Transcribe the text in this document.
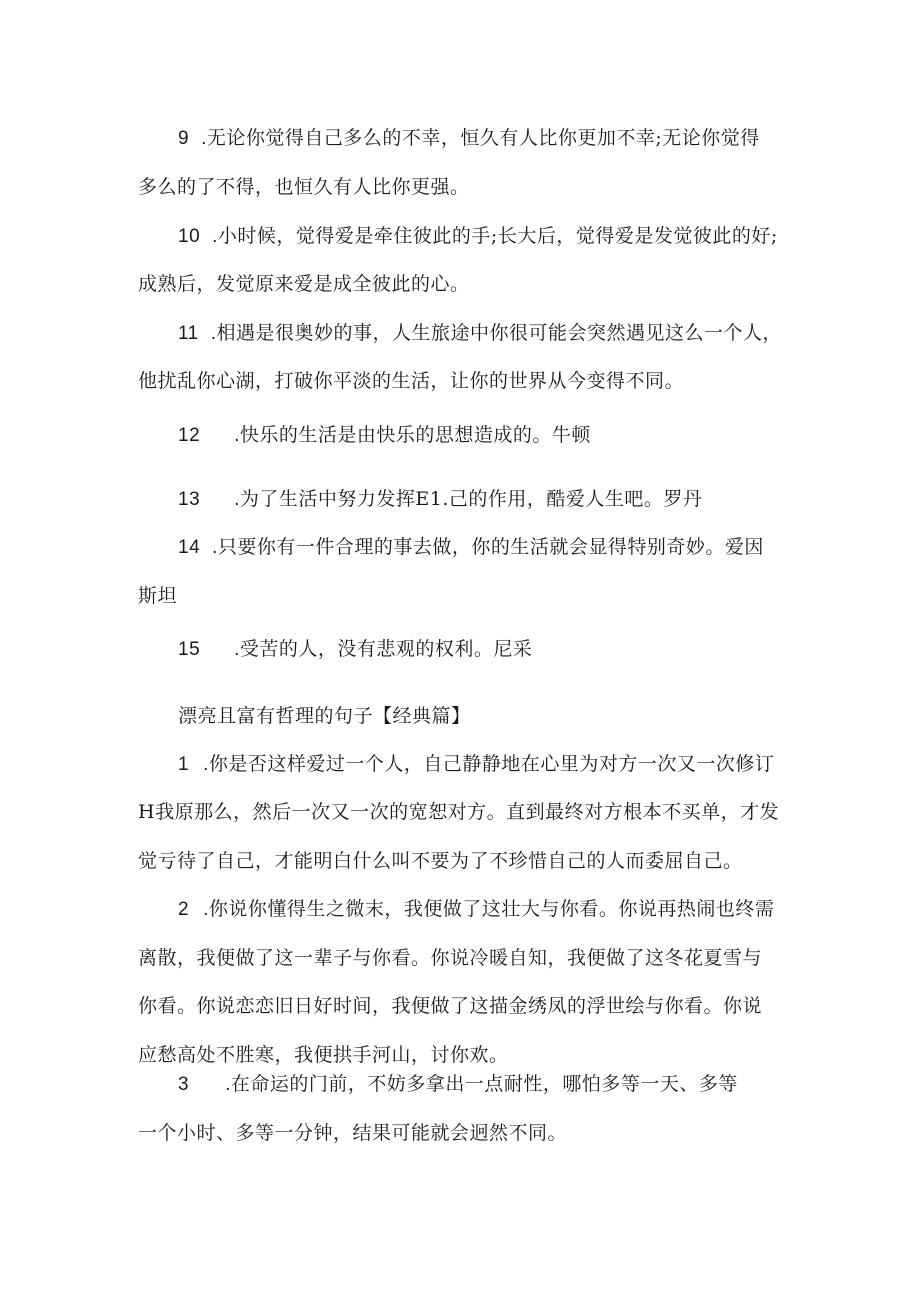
9 .无论你觉得自己多么的不幸，恒久有人比你更加不幸;无论你觉得
多么的了不得，也恒久有人比你更强。
10 .小时候，觉得爱是牵住彼此的手;长大后，觉得爱是发觉彼此的好;
成熟后，发觉原来爱是成全彼此的心。
11 .相遇是很奥妙的事，人生旅途中你很可能会突然遇见这么一个人，
他扰乱你心湖，打破你平淡的生活，让你的世界从今变得不同。
12 .快乐的生活是由快乐的思想造成的。牛顿
13 .为了生活中努力发挥E1.己的作用，酷爱人生吧。罗丹
14 .只要你有一件合理的事去做，你的生活就会显得特别奇妙。爱因
斯坦
15 .受苦的人，没有悲观的权利。尼采
漂亮且富有哲理的句子【经典篇】
1 .你是否这样爱过一个人，自己静静地在心里为对方一次又一次修订
H我原那么，然后一次又一次的宽恕对方。直到最终对方根本不买单，才发
觉亏待了自己，才能明白什么叫不要为了不珍惜自己的人而委屈自己。
2 .你说你懂得生之微末，我便做了这壮大与你看。你说再热闹也终需
离散，我便做了这一辈子与你看。你说冷暖自知，我便做了这冬花夏雪与
你看。你说恋恋旧日好时间，我便做了这描金绣凤的浮世绘与你看。你说
应愁高处不胜寒，我便拱手河山，讨你欢。
3 .在命运的门前，不妨多拿出一点耐性，哪怕多等一天、多等
一个小时、多等一分钟，结果可能就会迥然不同。
